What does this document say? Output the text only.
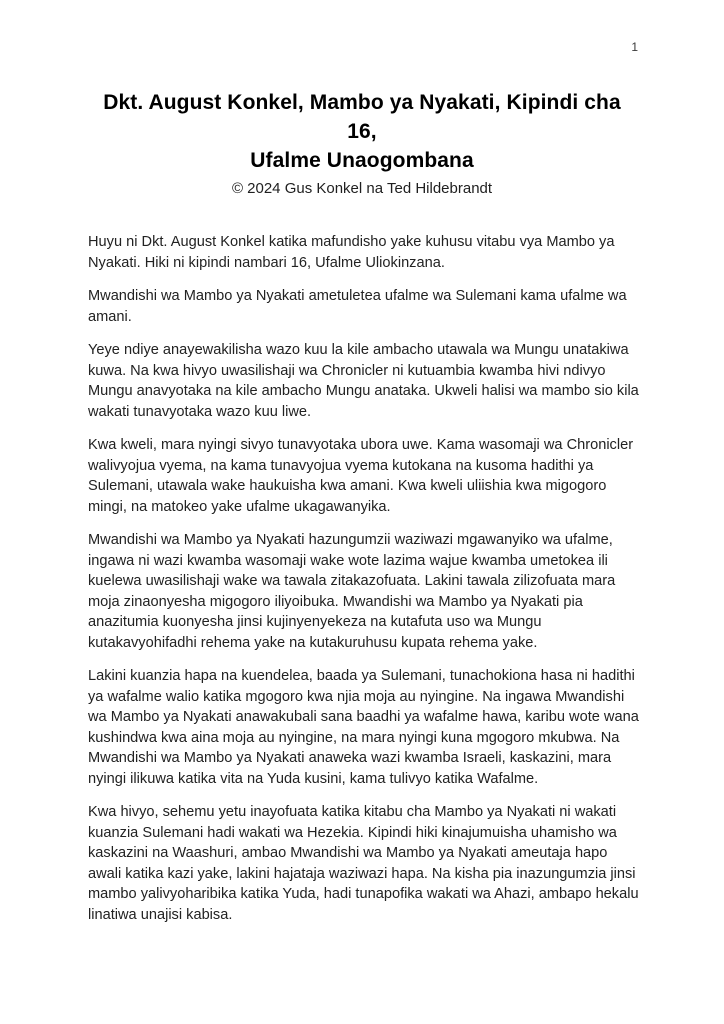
1
Dkt. August Konkel, Mambo ya Nyakati, Kipindi cha
16,
Ufalme Unaogombana
© 2024 Gus Konkel na Ted Hildebrandt

Huyu ni Dkt. August Konkel katika mafundisho yake kuhusu vitabu vya Mambo ya Nyakati. Hiki ni kipindi nambari 16, Ufalme Uliokinzana.

Mwandishi wa Mambo ya Nyakati ametuletea ufalme wa Sulemani kama ufalme wa amani.

Yeye ndiye anayewakilisha wazo kuu la kile ambacho utawala wa Mungu unatakiwa kuwa. Na kwa hivyo uwasilishaji wa Chronicler ni kutuambia kwamba hivi ndivyo Mungu anavyotaka na kile ambacho Mungu anataka. Ukweli halisi wa mambo sio kila wakati tunavyotaka wazo kuu liwe.

Kwa kweli, mara nyingi sivyo tunavyotaka ubora uwe. Kama wasomaji wa Chronicler walivyojua vyema, na kama tunavyojua vyema kutokana na kusoma hadithi ya Sulemani, utawala wake haukuisha kwa amani. Kwa kweli uliishia kwa migogoro mingi, na matokeo yake ufalme ukagawanyika.

Mwandishi wa Mambo ya Nyakati hazungumzii waziwazi mgawanyiko wa ufalme, ingawa ni wazi kwamba wasomaji wake wote lazima wajue kwamba umetokea ili kuelewa uwasilishaji wake wa tawala zitakazofuata. Lakini tawala zilizofuata mara moja zinaonyesha migogoro iliyoibuka. Mwandishi wa Mambo ya Nyakati pia anazitumia kuonyesha jinsi kujinyenyekeza na kutafuta uso wa Mungu kutakavyohifadhi rehema yake na kutakuruhusu kupata rehema yake.

Lakini kuanzia hapa na kuendelea, baada ya Sulemani, tunachokiona hasa ni hadithi ya wafalme walio katika mgogoro kwa njia moja au nyingine. Na ingawa Mwandishi wa Mambo ya Nyakati anawakubali sana baadhi ya wafalme hawa, karibu wote wana kushindwa kwa aina moja au nyingine, na mara nyingi kuna mgogoro mkubwa. Na Mwandishi wa Mambo ya Nyakati anaweka wazi kwamba Israeli, kaskazini, mara nyingi ilikuwa katika vita na Yuda kusini, kama tulivyo katika Wafalme.

Kwa hivyo, sehemu yetu inayofuata katika kitabu cha Mambo ya Nyakati ni wakati kuanzia Sulemani hadi wakati wa Hezekia. Kipindi hiki kinajumuisha uhamisho wa kaskazini na Waashuri, ambao Mwandishi wa Mambo ya Nyakati ameutaja hapo awali katika kazi yake, lakini hajataja waziwazi hapa. Na kisha pia inazungumzia jinsi mambo yalivyoharibika katika Yuda, hadi tunapofika wakati wa Ahazi, ambapo hekalu linatiwa unajisi kabisa.
